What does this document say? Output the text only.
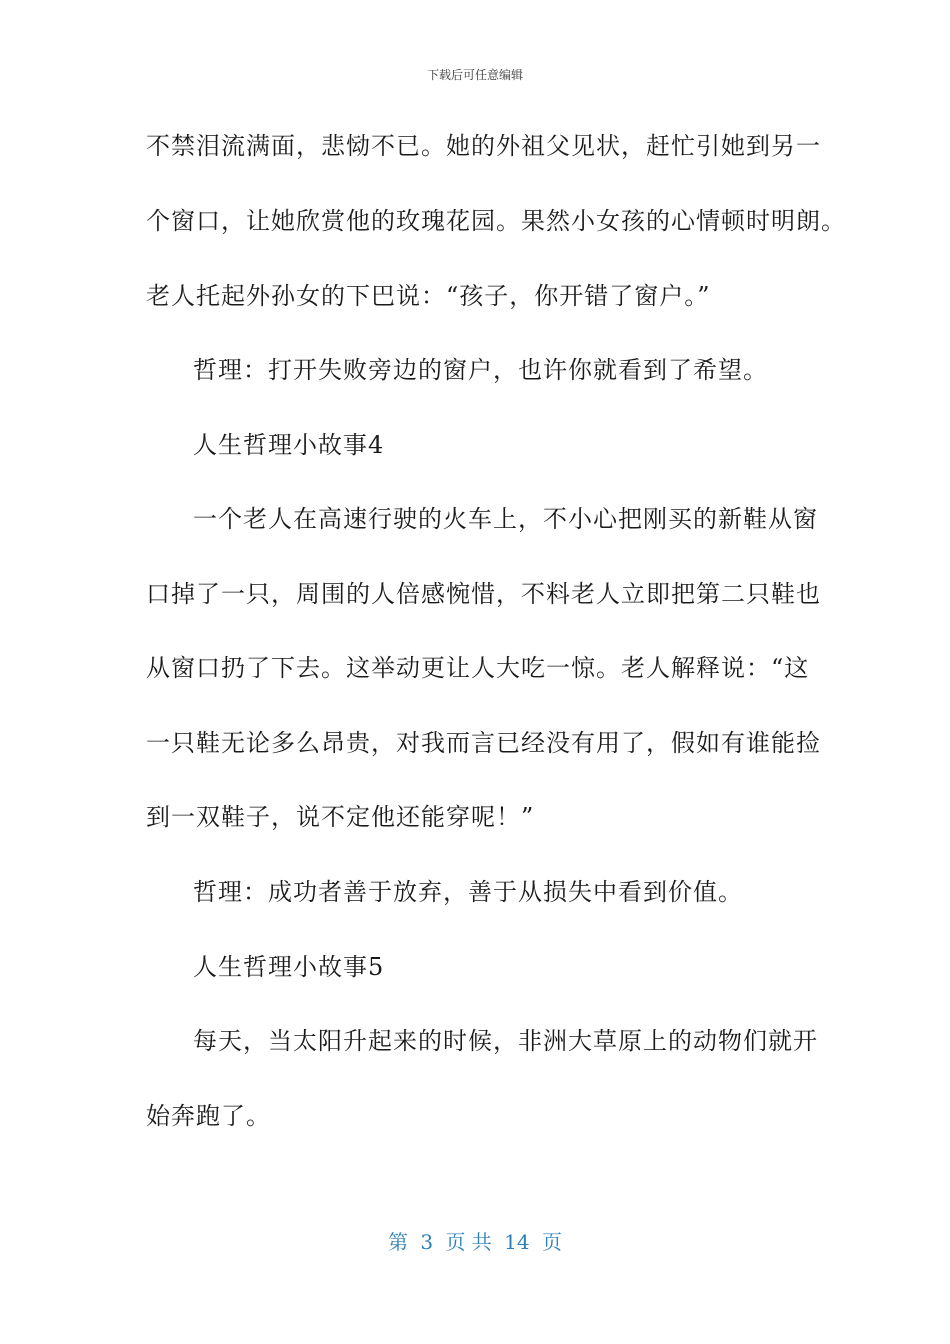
下载后可任意编辑
不禁泪流满面，悲恸不已。她的外祖父见状，赶忙引她到另一
个窗口，让她欣赏他的玫瑰花园。果然小女孩的心情顿时明朗。
老人托起外孙女的下巴说：“孩子，你开错了窗户。”
哲理：打开失败旁边的窗户，也许你就看到了希望。
人生哲理小故事4
一个老人在高速行驶的火车上，不小心把刚买的新鞋从窗
口掉了一只，周围的人倍感惋惜，不料老人立即把第二只鞋也
从窗口扔了下去。这举动更让人大吃一惊。老人解释说：“这
一只鞋无论多么昂贵，对我而言已经没有用了，假如有谁能捡
到一双鞋子，说不定他还能穿呢！”
哲理：成功者善于放弃，善于从损失中看到价值。
人生哲理小故事5
每天，当太阳升起来的时候，非洲大草原上的动物们就开
始奔跑了。
第 3 页 共 14 页
